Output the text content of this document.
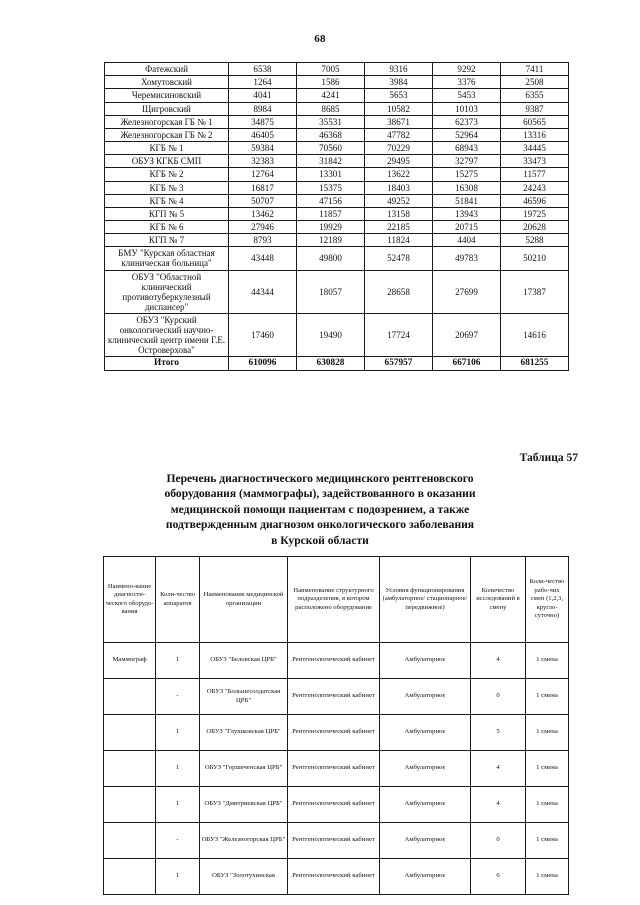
68
Фатежский	6538	7005	9316	9292	7411
Хомутовский	1264	1586	3984	3376	2508
Черемисиновский	4041	4241	5653	5453	6355
Щигровский	8984	8685	10582	10103	9387
Железногорская ГБ № 1	34875	35531	38671	62373	60565
Железногорская ГБ № 2	46405	46368	47782	52964	13316
КГБ № 1	59384	70560	70229	68943	34445
ОБУЗ КГКБ СМП	32383	31842	29495	32797	33473
КГБ № 2	12764	13301	13622	15275	11577
КГБ № 3	16817	15375	18403	16308	24243
КГБ № 4	50707	47156	49252	51841	46596
КГП № 5	13462	11857	13158	13943	19725
КГБ № 6	27946	19929	22185	20715	20628
КГП № 7	8793	12189	11824	4404	5288
БМУ "Курская областная клиническая больница"	43448	49800	52478	49783	50210
ОБУЗ "Областной клинический противотуберкулезный диспансер"	44344	18057	28658	27699	17387
ОБУЗ "Курский онкологический научно-клинический центр имени Г.Е. Островерхова"	17460	19490	17724	20697	14616
Итого	610096	630828	657957	667106	681255
Таблица 57
Перечень диагностического медицинского рентгеновского
оборудования (маммографы), задействованного в оказании
медицинской помощи пациентам с подозрением, а также
подтвержденным диагнозом онкологического заболевания
в Курской области
Наимено-вание диагности-ческого оборудо-вания	Коли-чество аппаратов	Наименование медицинской организации	Наименование структурного подразделения, в котором расположено оборудование	Условия функционирования (амбулаторное/ стационарное/ передвижное)	Количество исследований в смену	Коли-чество рабо-чих смен (1,2,3, кругло-суточно)
Маммограф	1	ОБУЗ "Беловская ЦРБ"	Рентгенологический кабинет	Амбулаторное	4	1 смена
	-	ОБУЗ "Большесолдатская ЦРБ"	Рентгенологический кабинет	Амбулаторное	0	1 смена
	1	ОБУЗ "Глушковская ЦРБ"	Рентгенологический кабинет	Амбулаторное	5	1 смена
	1	ОБУЗ "Горшеченская ЦРБ"	Рентгенологический кабинет	Амбулаторное	4	1 смена
	1	ОБУЗ "Дмитриевская ЦРБ"	Рентгенологический кабинет	Амбулаторное	4	1 смена
	-	ОБУЗ "Железногорская ЦРБ"	Рентгенологический кабинет	Амбулаторное	0	1 смена
	1	ОБУЗ "Золотухинская	Рентгенологический кабинет	Амбулаторное	6	1 смена
